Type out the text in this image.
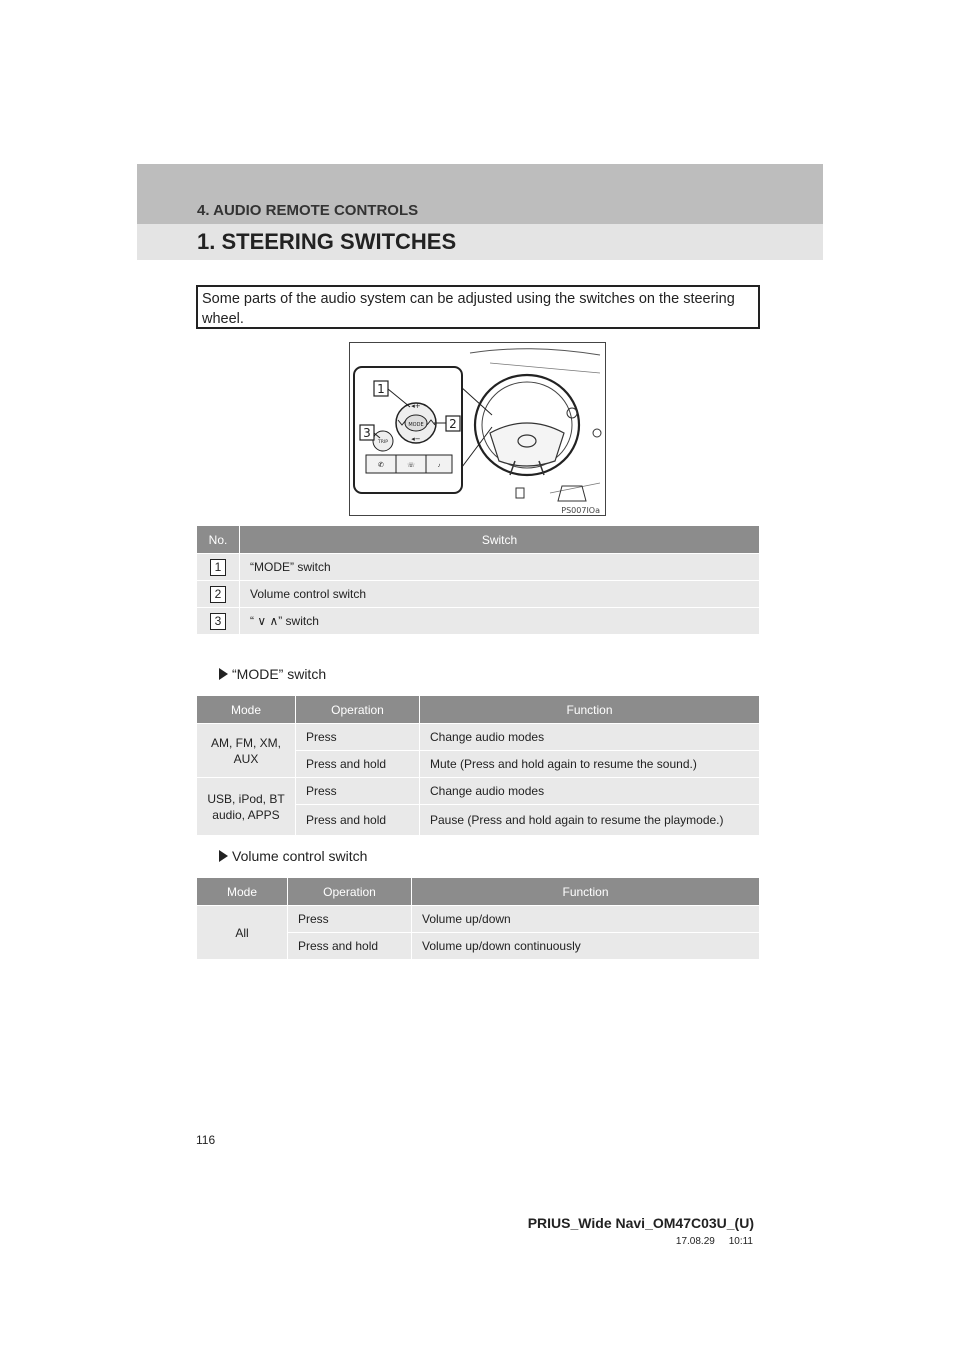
4. AUDIO REMOTE CONTROLS
1. STEERING SWITCHES
Some parts of the audio system can be adjusted using the switches on the steering wheel.
MODE
◂+
◂−
TRIP
✆	☏	♪
1
2
3
PS007IOa
No.	Switch
1	“MODE” switch
2	Volume control switch
3	“ ∨ ∧” switch
“MODE” switch
Mode	Operation	Function
AM, FM, XM, AUX	Press	Change audio modes
	Press and hold	Mute (Press and hold again to resume the sound.)
USB, iPod, BT audio, APPS	Press	Change audio modes
	Press and hold	Pause (Press and hold again to resume the playmode.)
Volume control switch
Mode	Operation	Function
All	Press	Volume up/down
	Press and hold	Volume up/down continuously
116
PRIUS_Wide Navi_OM47C03U_(U)
17.08.29     10:11
